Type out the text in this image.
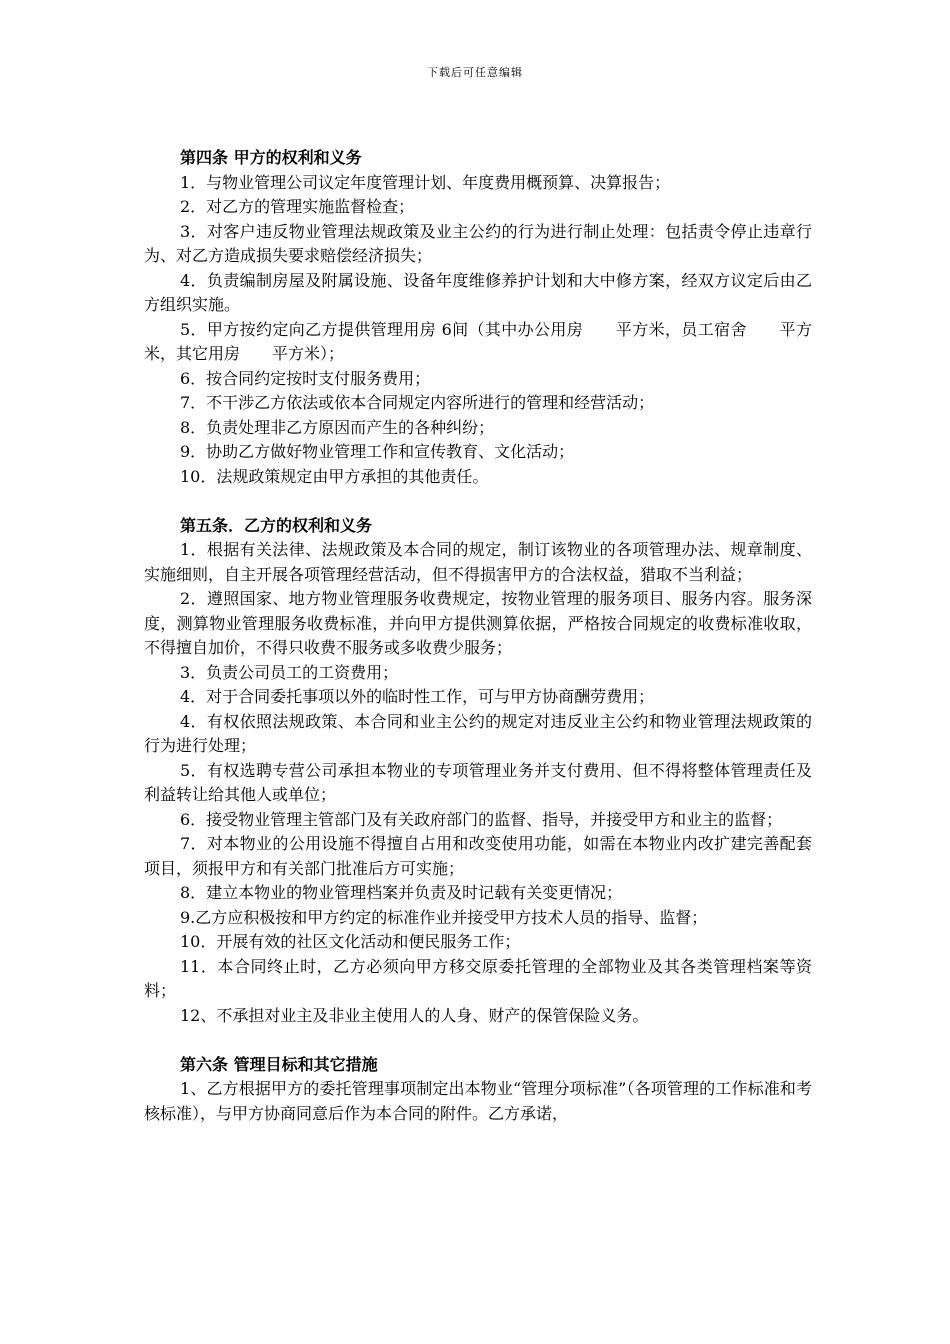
下载后可任意编辑

第四条 甲方的权利和义务

1．与物业管理公司议定年度管理计划、年度费用概预算、决算报告；

2．对乙方的管理实施监督检查；

3．对客户违反物业管理法规政策及业主公约的行为进行制止处理：包括责令停止违章行为、对乙方造成损失要求赔偿经济损失；

4．负责编制房屋及附属设施、设备年度维修养护计划和大中修方案，经双方议定后由乙方组织实施。

5．甲方按约定向乙方提供管理用房 6间（其中办公用房　　平方米，员工宿舍　　平方米，其它用房　　平方米）；

6．按合同约定按时支付服务费用；

7．不干涉乙方依法或依本合同规定内容所进行的管理和经营活动；

8．负责处理非乙方原因而产生的各种纠纷；

9．协助乙方做好物业管理工作和宣传教育、文化活动；

10．法规政策规定由甲方承担的其他责任。

第五条．乙方的权利和义务

1．根据有关法律、法规政策及本合同的规定，制订该物业的各项管理办法、规章制度、实施细则，自主开展各项管理经营活动，但不得损害甲方的合法权益，猎取不当利益；

2．遵照国家、地方物业管理服务收费规定，按物业管理的服务项目、服务内容。服务深度，测算物业管理服务收费标准，并向甲方提供测算依据，严格按合同规定的收费标准收取，不得擅自加价，不得只收费不服务或多收费少服务；

3．负责公司员工的工资费用；

4．对于合同委托事项以外的临时性工作，可与甲方协商酬劳费用；

4．有权依照法规政策、本合同和业主公约的规定对违反业主公约和物业管理法规政策的行为进行处理；

5．有权选聘专营公司承担本物业的专项管理业务并支付费用、但不得将整体管理责任及利益转让给其他人或单位；

6．接受物业管理主管部门及有关政府部门的监督、指导，并接受甲方和业主的监督；

7．对本物业的公用设施不得擅自占用和改变使用功能，如需在本物业内改扩建完善配套项目，须报甲方和有关部门批准后方可实施；

8．建立本物业的物业管理档案并负责及时记载有关变更情况；

9.乙方应积极按和甲方约定的标准作业并接受甲方技术人员的指导、监督；

10．开展有效的社区文化活动和便民服务工作；

11．本合同终止时，乙方必须向甲方移交原委托管理的全部物业及其各类管理档案等资料；

12、不承担对业主及非业主使用人的人身、财产的保管保险义务。

第六条 管理目标和其它措施

1、乙方根据甲方的委托管理事项制定出本物业“管理分项标准”（各项管理的工作标准和考核标准），与甲方协商同意后作为本合同的附件。乙方承诺，
